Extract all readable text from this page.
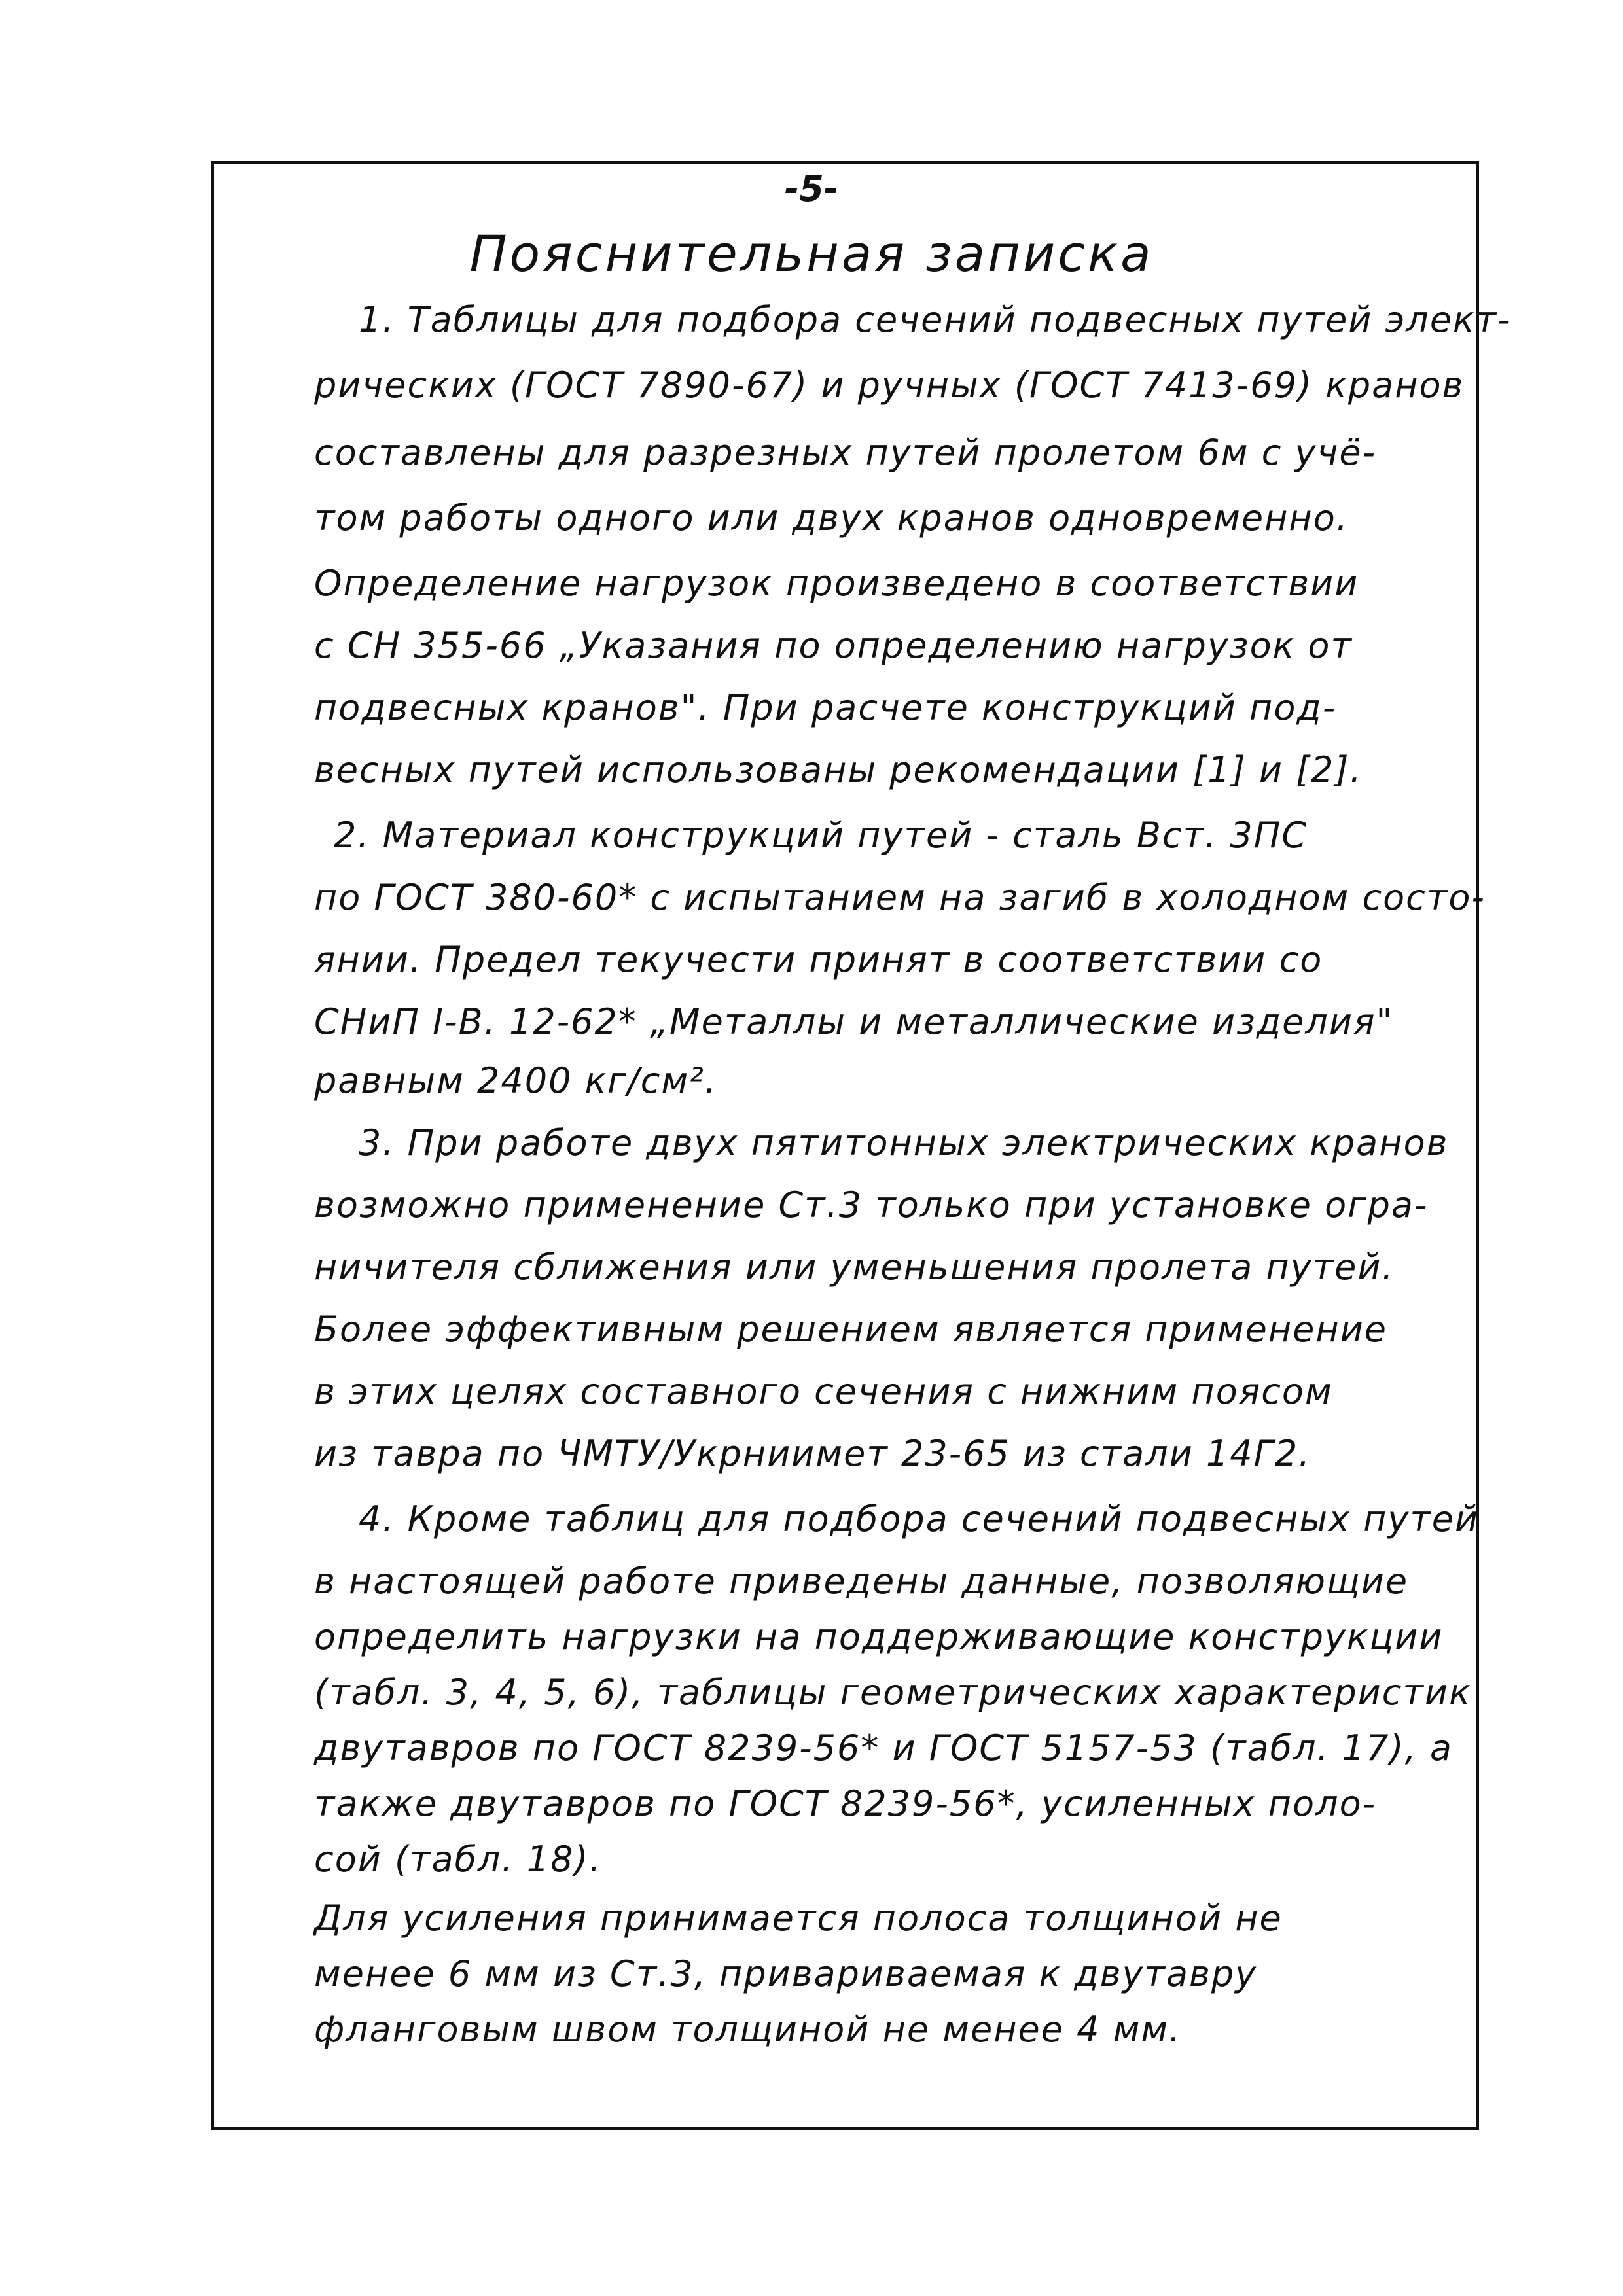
-5-
Пояснительная записка
1. Таблицы для подбора сечений подвесных путей элект-
рических (ГОСТ 7890-67) и ручных (ГОСТ 7413-69) кранов
составлены для разрезных путей пролетом 6м с учё-
том работы одного или двух кранов одновременно.
Определение нагрузок произведено в соответствии
с СН 355-66 „Указания по определению нагрузок от
подвесных кранов". При расчете конструкций под-
весных путей использованы рекомендации [1] и [2].
2. Материал конструкций путей - сталь Вст. 3ПС
по ГОСТ 380-60* с испытанием на загиб в холодном состо-
янии. Предел текучести принят в соответствии со
СНиП I-В. 12-62* „Металлы и металлические изделия"
равным 2400 кг/см².
3. При работе двух пятитонных электрических кранов
возможно применение Ст.3 только при установке огра-
ничителя сближения или уменьшения пролета путей.
Более эффективным решением является применение
в этих целях составного сечения с нижним поясом
из тавра по ЧМТУ/Укрниимет 23-65 из стали 14Г2.
4. Кроме таблиц для подбора сечений подвесных путей
в настоящей работе приведены данные, позволяющие
определить нагрузки на поддерживающие конструкции
(табл. 3, 4, 5, 6), таблицы геометрических характеристик
двутавров по ГОСТ 8239-56* и ГОСТ 5157-53 (табл. 17), а
также двутавров по ГОСТ 8239-56*, усиленных поло-
сой (табл. 18).
Для усиления принимается полоса толщиной не
менее 6 мм из Ст.3, привариваемая к двутавру
фланговым швом толщиной не менее 4 мм.
